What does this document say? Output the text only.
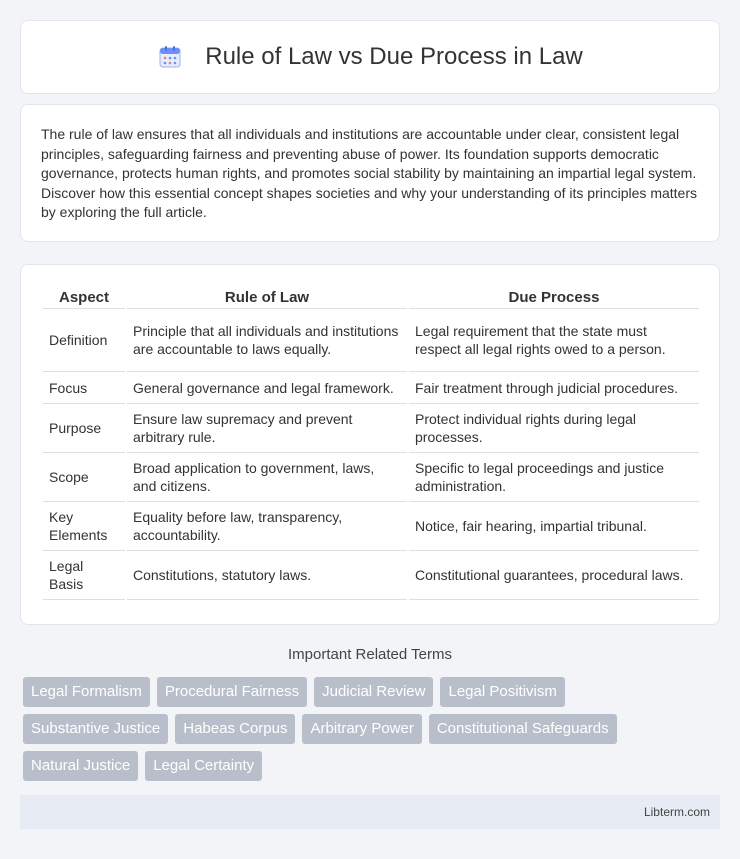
Rule of Law vs Due Process in Law

The rule of law ensures that all individuals and institutions are accountable under clear, consistent legal principles, safeguarding fairness and preventing abuse of power. Its foundation supports democratic governance, protects human rights, and promotes social stability by maintaining an impartial legal system. Discover how this essential concept shapes societies and why your understanding of its principles matters by exploring the full article.

Aspect	Rule of Law	Due Process
Definition	Principle that all individuals and institutions are accountable to laws equally.	Legal requirement that the state must respect all legal rights owed to a person.
Focus	General governance and legal framework.	Fair treatment through judicial procedures.
Purpose	Ensure law supremacy and prevent arbitrary rule.	Protect individual rights during legal processes.
Scope	Broad application to government, laws, and citizens.	Specific to legal proceedings and justice administration.
Key Elements	Equality before law, transparency, accountability.	Notice, fair hearing, impartial tribunal.
Legal Basis	Constitutions, statutory laws.	Constitutional guarantees, procedural laws.
Important Related Terms
Legal Formalism	Procedural Fairness	Judicial Review	Legal Positivism
Substantive Justice	Habeas Corpus	Arbitrary Power	Constitutional Safeguards
Natural Justice	Legal Certainty
Libterm.com
